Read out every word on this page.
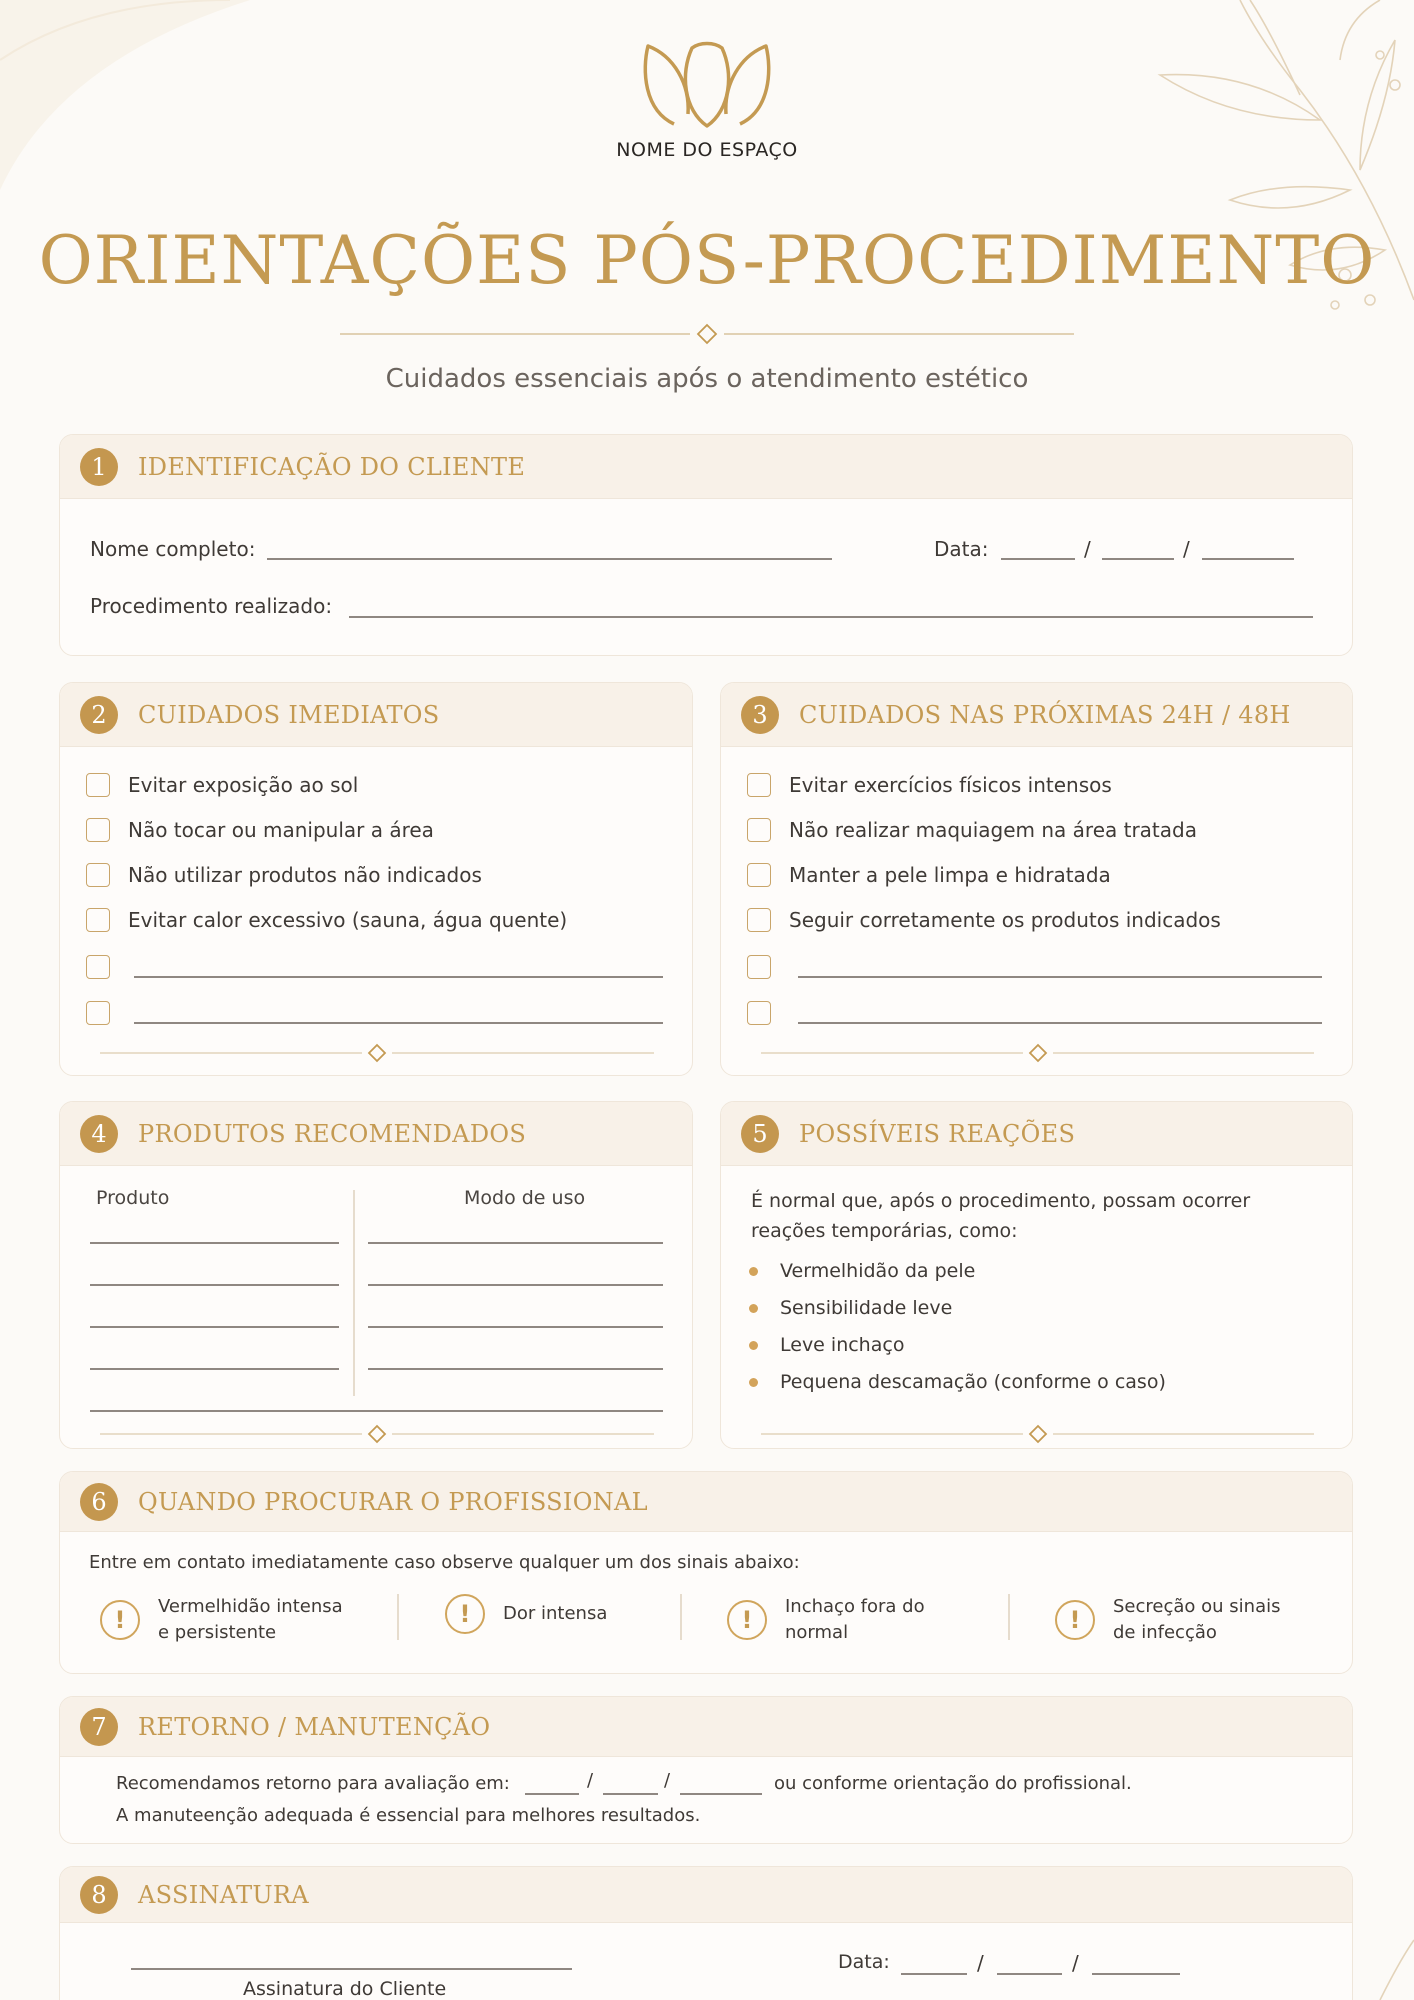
NOME DO ESPAÇO
ORIENTAÇÕES PÓS-PROCEDIMENTO
Cuidados essenciais após o atendimento estético
1	IDENTIFICAÇÃO DO CLIENTE
Nome completo:	Data:	/	/
Procedimento realizado:
2	CUIDADOS IMEDIATOS
Evitar exposição ao sol
Não tocar ou manipular a área
Não utilizar produtos não indicados
Evitar calor excessivo (sauna, água quente)
3	CUIDADOS NAS PRÓXIMAS 24H / 48H
Evitar exercícios físicos intensos
Não realizar maquiagem na área tratada
Manter a pele limpa e hidratada
Seguir corretamente os produtos indicados
4	PRODUTOS RECOMENDADOS
Produto	Modo de uso
5	POSSÍVEIS REAÇÕES
É normal que, após o procedimento, possam ocorrer
reações temporárias, como:
Vermelhidão da pele
Sensibilidade leve
Leve inchaço
Pequena descamação (conforme o caso)
6	QUANDO PROCURAR O PROFISSIONAL
Entre em contato imediatamente caso observe qualquer um dos sinais abaixo:
!	Vermelhidão intensa
e persistente
!	Dor intensa	!	Inchaço fora do
normal	!	Secreção ou sinais
de infecção
7	RETORNO / MANUTENÇÃO
Recomendamos retorno para avaliação em:	/	/	ou conforme orientação do profissional.
A manuteenção adequada é essencial para melhores resultados.
8	ASSINATURA
Assinatura do Cliente
Data:	/	/
